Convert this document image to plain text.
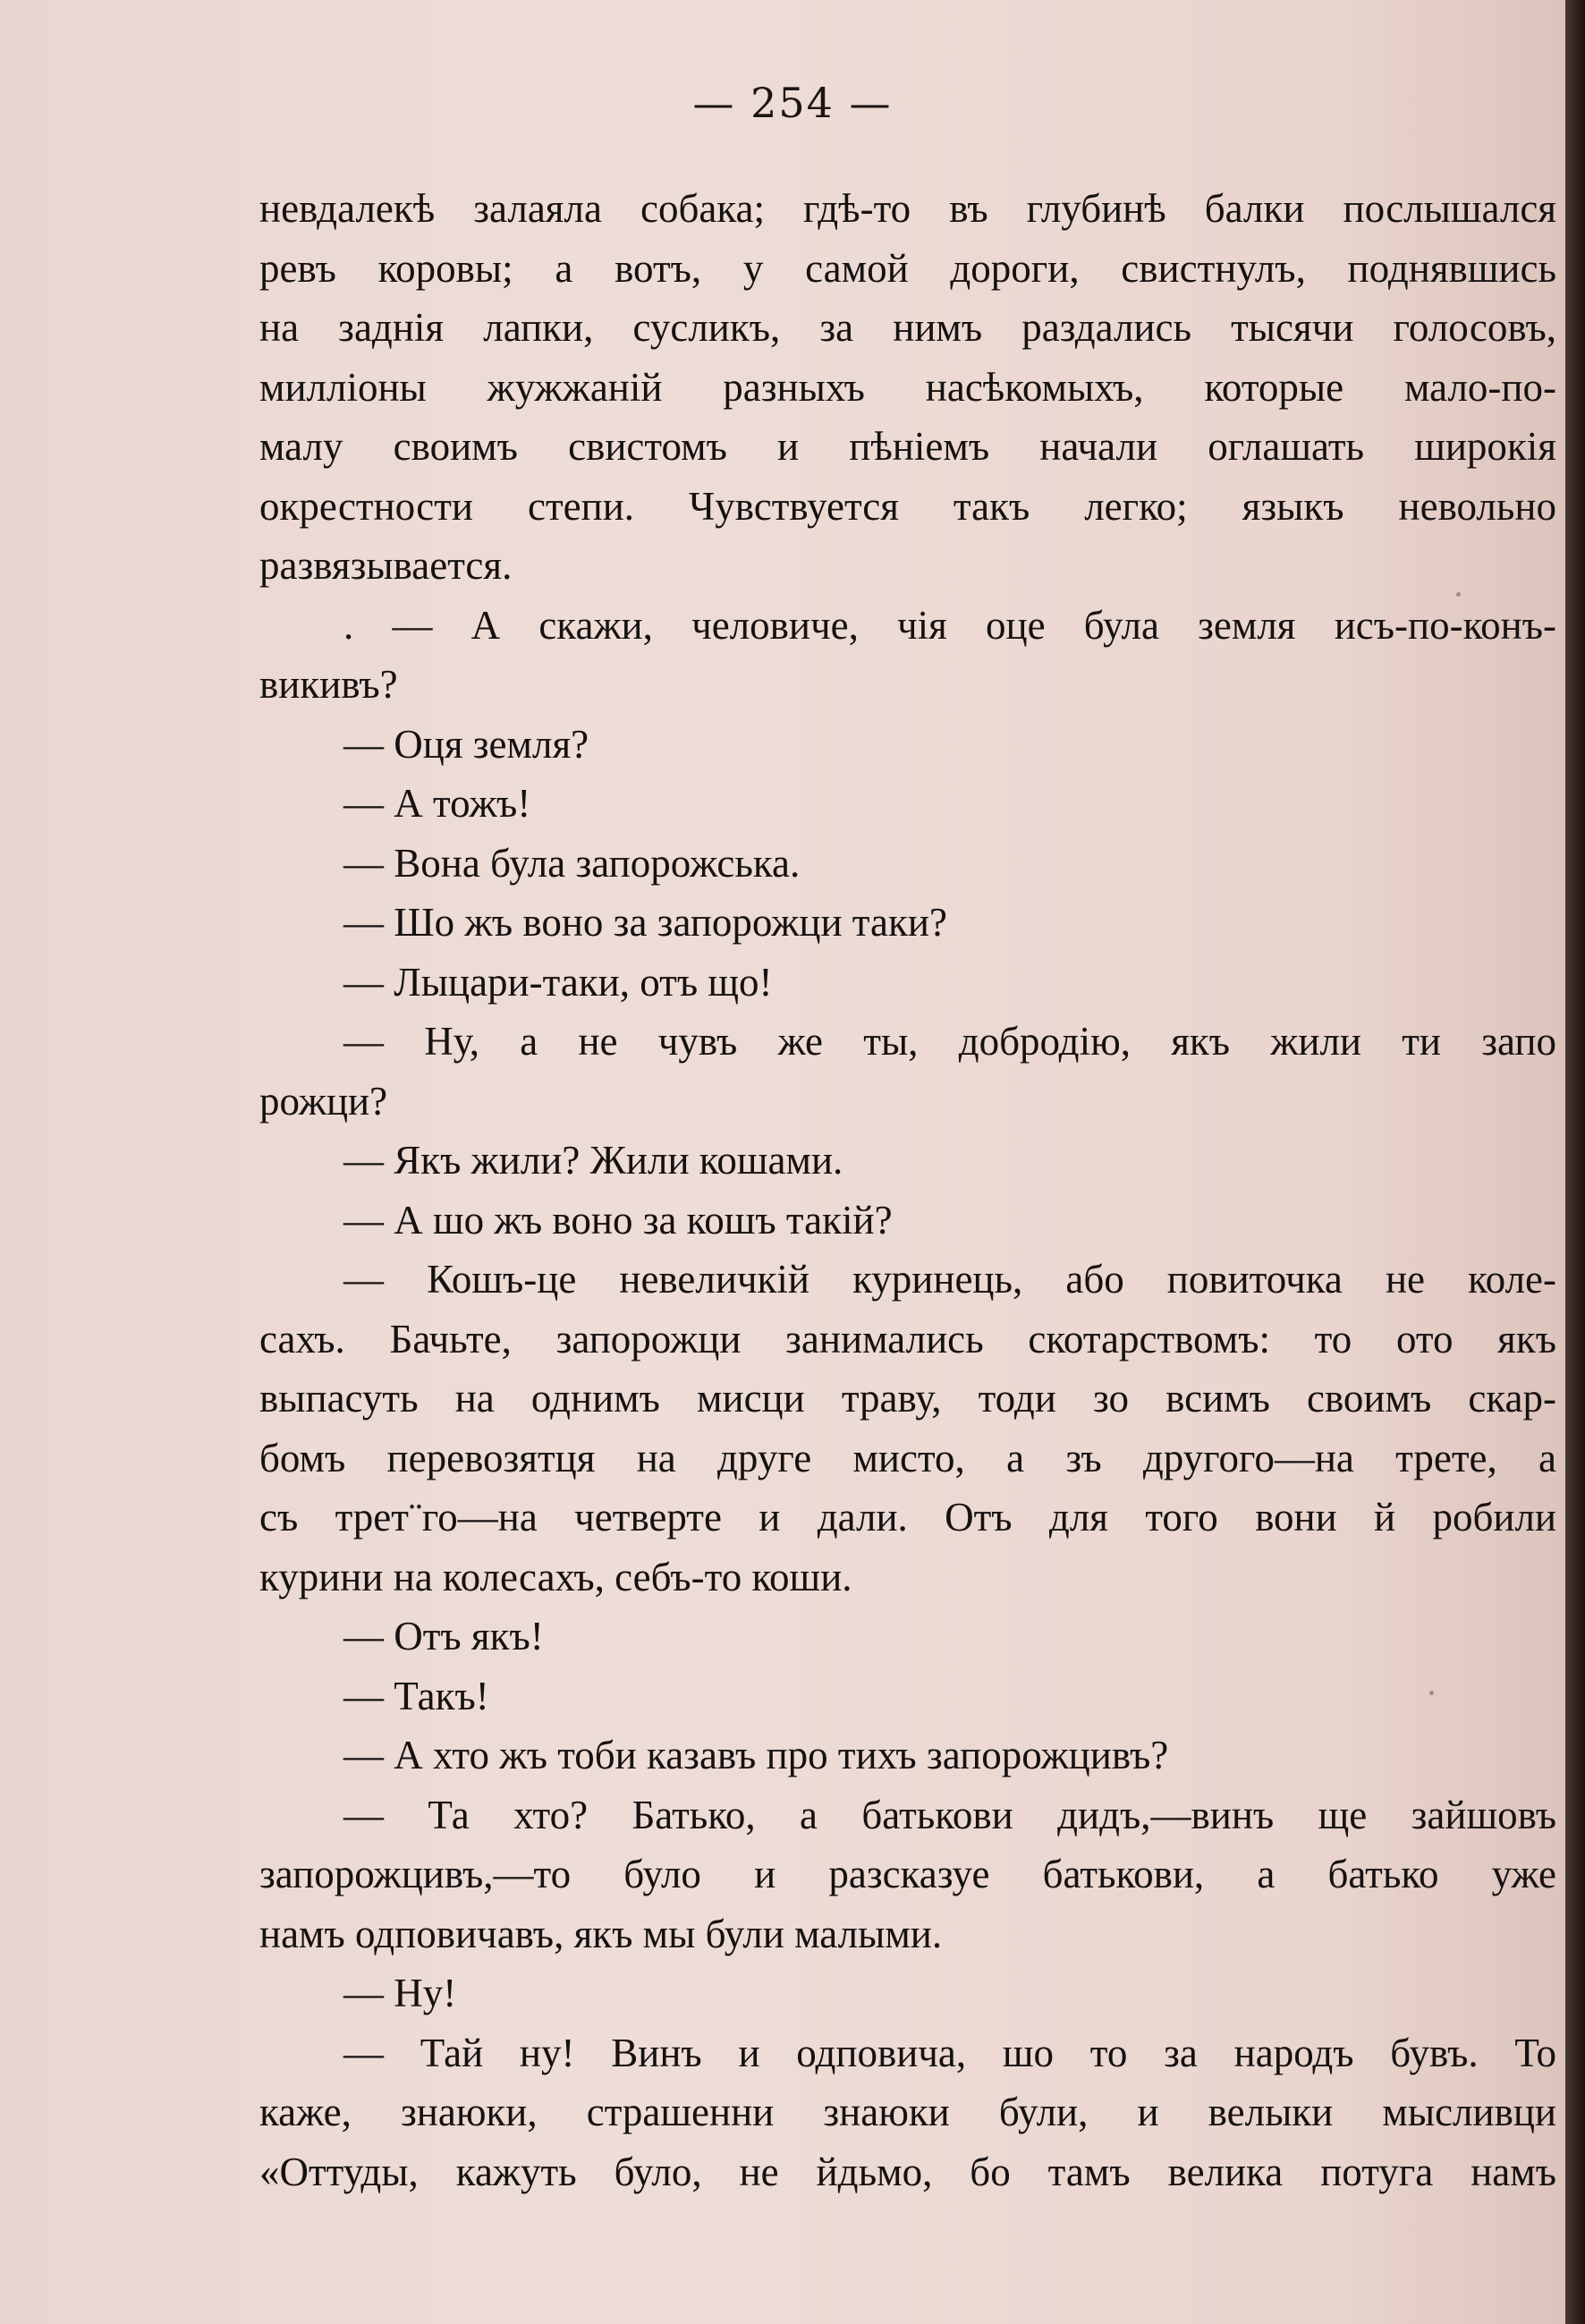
— 254 —
невдалекѣ залаяла собака; гдѣ-то въ глубинѣ балки послышался
ревъ коровы; а вотъ, у самой дороги, свистнулъ, поднявшись
на заднія лапки, сусликъ, за нимъ раздались тысячи голосовъ,
милліоны жужжаній разныхъ насѣкомыхъ, которые мало-по-
малу своимъ свистомъ и пѣніемъ начали оглашать широкія
окрестности степи. Чувствуется такъ легко; языкъ невольно
развязывается.
. — А скажи, человиче, чія оце була земля исъ-по-конъ-
викивъ?
— Оця земля?
— А тожъ!
— Вона була запорожська.
— Шо жъ воно за запорожци таки?
— Лыцари-таки, отъ що!
— Ну, а не чувъ же ты, добродію, якъ жили ти запо
рожци?
— Якъ жили? Жили кошами.
— А шо жъ воно за кошъ такій?
— Кошъ-це невеличкій куринець, або повиточка не коле-
сахъ. Бачьте, запорожци занимались скотарствомъ: то ото якъ
выпасуть на однимъ мисци траву, тоди зо всимъ своимъ скар-
бомъ перевозятця на друге мисто, а зъ другого—на трете, а
съ трет¨го—на четверте и дали. Отъ для того вони й робили
курини на колесахъ, себъ-то коши.
— Отъ якъ!
— Такъ!
— А хто жъ тоби казавъ про тихъ запорожцивъ?
— Та хто? Батько, а батькови дидъ,—винъ ще зайшовъ
запорожцивъ,—то було и разсказуе батькови, а батько уже
намъ одповичавъ, якъ мы були малыми.
— Ну!
— Тай ну! Винъ и одповича, шо то за народъ бувъ. То
каже, знаюки, страшенни знаюки були, и велыки мысливци
«Оттуды, кажуть було, не йдьмо, бо тамъ велика потуга намъ
